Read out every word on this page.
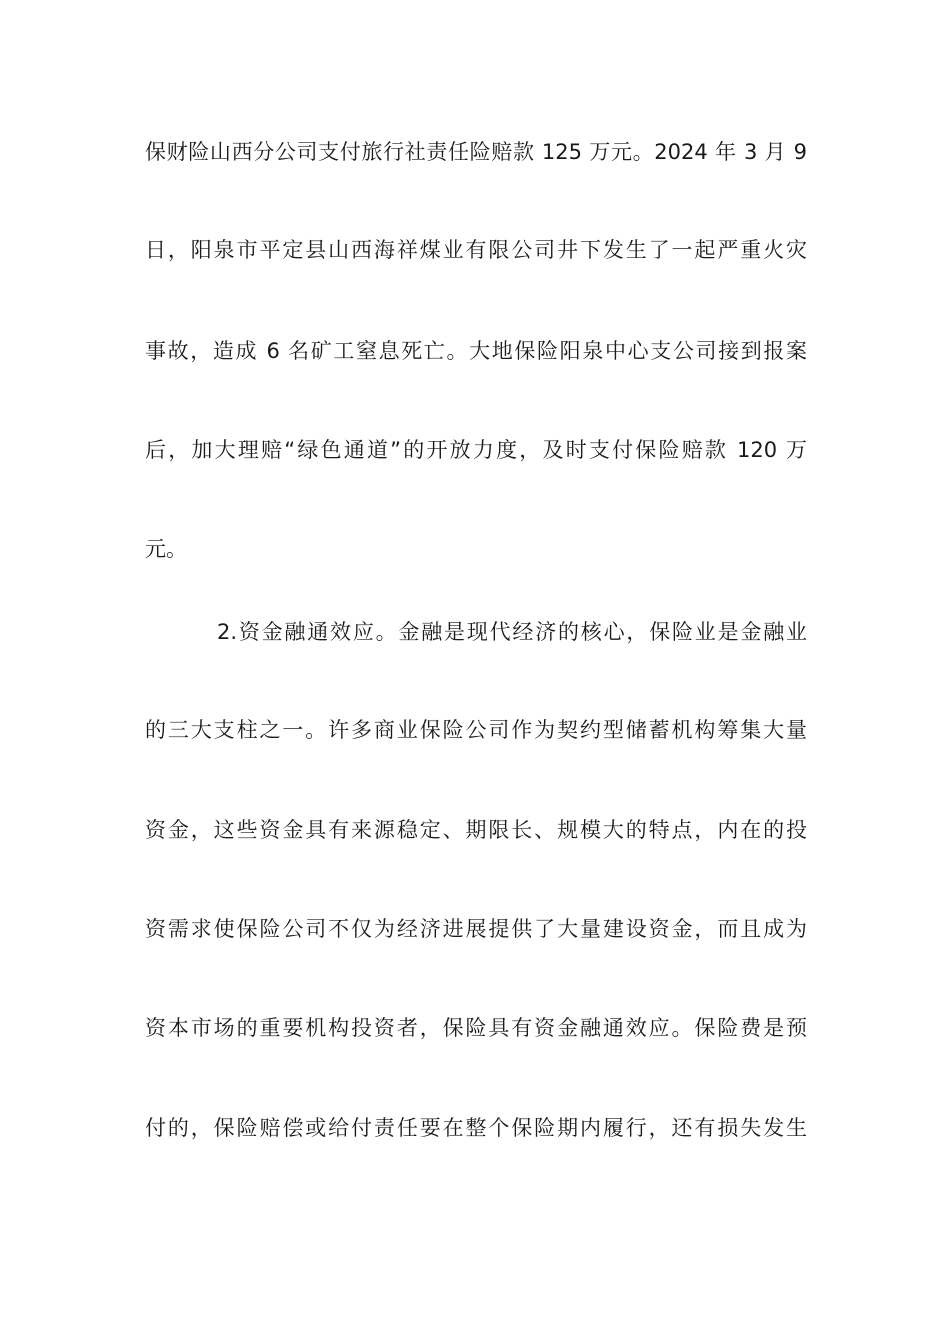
保财险山西分公司支付旅行社责任险赔款 125 万元。2024 年 3 月 9
日，阳泉市平定县山西海祥煤业有限公司井下发生了一起严重火灾
事故，造成 6 名矿工窒息死亡。大地保险阳泉中心支公司接到报案
后，加大理赔“绿色通道”的开放力度，及时支付保险赔款 120 万
元。
2.资金融通效应。金融是现代经济的核心，保险业是金融业
的三大支柱之一。许多商业保险公司作为契约型储蓄机构筹集大量
资金，这些资金具有来源稳定、期限长、规模大的特点，内在的投
资需求使保险公司不仅为经济进展提供了大量建设资金，而且成为
资本市场的重要机构投资者，保险具有资金融通效应。保险费是预
付的，保险赔偿或给付责任要在整个保险期内履行，还有损失发生
